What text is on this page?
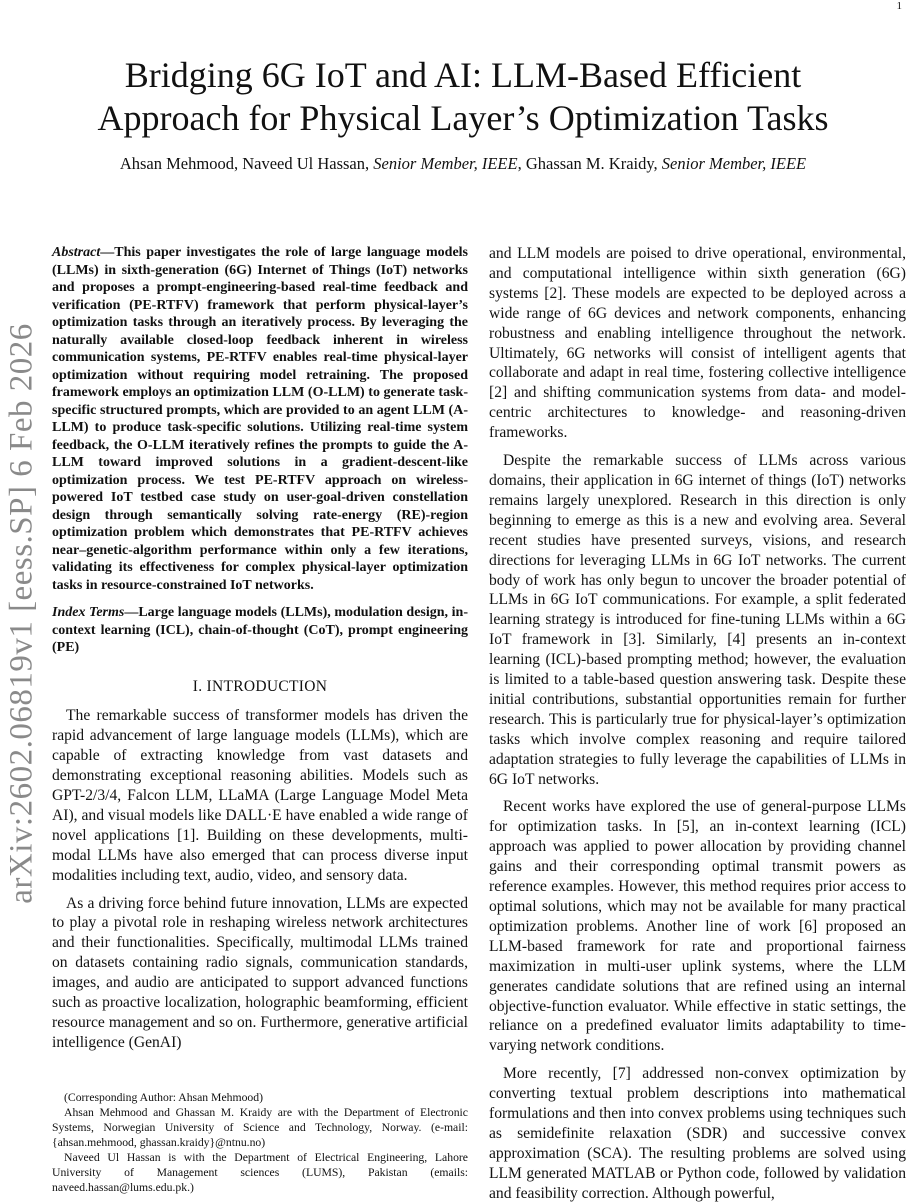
1
arXiv:2602.06819v1 [eess.SP] 6 Feb 2026
Bridging 6G IoT and AI: LLM-Based Efficient
Approach for Physical Layer’s Optimization Tasks
Ahsan Mehmood, Naveed Ul Hassan, Senior Member, IEEE, Ghassan M. Kraidy, Senior Member, IEEE
Abstract—This paper investigates the role of large language models (LLMs) in sixth-generation (6G) Internet of Things (IoT) networks and proposes a prompt-engineering-based real-time feedback and verification (PE-RTFV) framework that perform physical-layer’s optimization tasks through an iteratively process. By leveraging the naturally available closed-loop feedback inherent in wireless communication systems, PE-RTFV enables real-time physical-layer optimization without requiring model retraining. The proposed framework employs an optimization LLM (O-LLM) to generate task-specific structured prompts, which are provided to an agent LLM (A-LLM) to produce task-specific solutions. Utilizing real-time system feedback, the O-LLM iteratively refines the prompts to guide the A-LLM toward improved solutions in a gradient-descent-like optimization process. We test PE-RTFV approach on wireless-powered IoT testbed case study on user-goal-driven constellation design through semantically solving rate-energy (RE)-region optimization problem which demonstrates that PE-RTFV achieves near–genetic-algorithm performance within only a few iterations, validating its effectiveness for complex physical-layer optimization tasks in resource-constrained IoT networks.
Index Terms—Large language models (LLMs), modulation design, in-context learning (ICL), chain-of-thought (CoT), prompt engineering (PE)
I. INTRODUCTION

The remarkable success of transformer models has driven the rapid advancement of large language models (LLMs), which are capable of extracting knowledge from vast datasets and demonstrating exceptional reasoning abilities. Models such as GPT-2/3/4, Falcon LLM, LLaMA (Large Language Model Meta AI), and visual models like DALL·E have enabled a wide range of novel applications [1]. Building on these developments, multi-modal LLMs have also emerged that can process diverse input modalities including text, audio, video, and sensory data.

As a driving force behind future innovation, LLMs are expected to play a pivotal role in reshaping wireless network architectures and their functionalities. Specifically, multimodal LLMs trained on datasets containing radio signals, communication standards, images, and audio are anticipated to support advanced functions such as proactive localization, holographic beamforming, efficient resource management and so on. Furthermore, generative artificial intelligence (GenAI)

(Corresponding Author: Ahsan Mehmood)
Ahsan Mehmood and Ghassan M. Kraidy are with the Department of Electronic Systems, Norwegian University of Science and Technology, Norway. (e-mail:{ahsan.mehmood, ghassan.kraidy}@ntnu.no)
Naveed Ul Hassan is with the Department of Electrical Engineering, Lahore University of Management sciences (LUMS), Pakistan (emails: naveed.hassan@lums.edu.pk.)

and LLM models are poised to drive operational, environmental, and computational intelligence within sixth generation (6G) systems [2]. These models are expected to be deployed across a wide range of 6G devices and network components, enhancing robustness and enabling intelligence throughout the network. Ultimately, 6G networks will consist of intelligent agents that collaborate and adapt in real time, fostering collective intelligence [2] and shifting communication systems from data- and model-centric architectures to knowledge- and reasoning-driven frameworks.

Despite the remarkable success of LLMs across various domains, their application in 6G internet of things (IoT) networks remains largely unexplored. Research in this direction is only beginning to emerge as this is a new and evolving area. Several recent studies have presented surveys, visions, and research directions for leveraging LLMs in 6G IoT networks. The current body of work has only begun to uncover the broader potential of LLMs in 6G IoT communications. For example, a split federated learning strategy is introduced for fine-tuning LLMs within a 6G IoT framework in [3]. Similarly, [4] presents an in-context learning (ICL)-based prompting method; however, the evaluation is limited to a table-based question answering task. Despite these initial contributions, substantial opportunities remain for further research. This is particularly true for physical-layer’s optimization tasks which involve complex reasoning and require tailored adaptation strategies to fully leverage the capabilities of LLMs in 6G IoT networks.

Recent works have explored the use of general-purpose LLMs for optimization tasks. In [5], an in-context learning (ICL) approach was applied to power allocation by providing channel gains and their corresponding optimal transmit powers as reference examples. However, this method requires prior access to optimal solutions, which may not be available for many practical optimization problems. Another line of work [6] proposed an LLM-based framework for rate and proportional fairness maximization in multi-user uplink systems, where the LLM generates candidate solutions that are refined using an internal objective-function evaluator. While effective in static settings, the reliance on a predefined evaluator limits adaptability to time-varying network conditions.

More recently, [7] addressed non-convex optimization by converting textual problem descriptions into mathematical formulations and then into convex problems using techniques such as semidefinite relaxation (SDR) and successive convex approximation (SCA). The resulting problems are solved using LLM generated MATLAB or Python code, followed by validation and feasibility correction. Although powerful,
